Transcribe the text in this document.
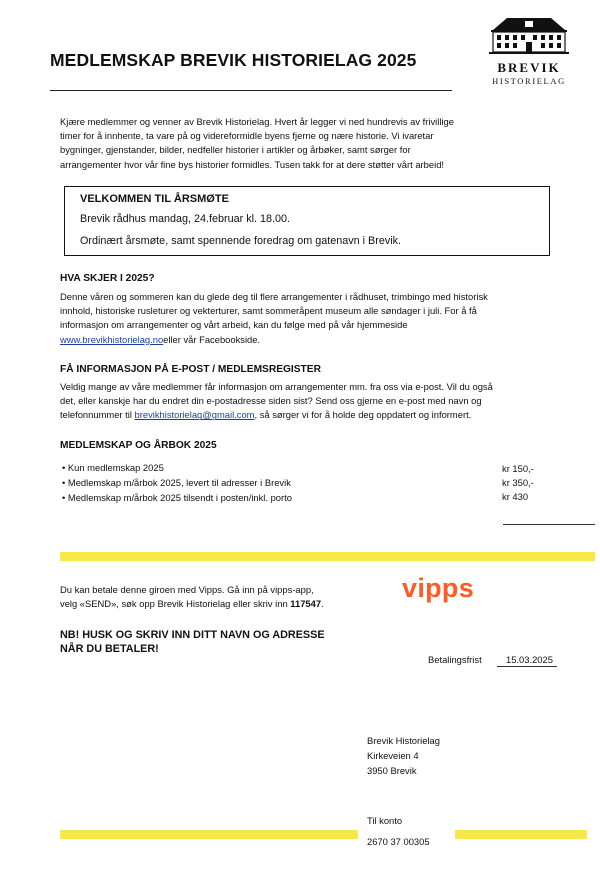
MEDLEMSKAP BREVIK HISTORIELAG 2025	BREVIK
HISTORIELAG
Kjære medlemmer og venner av Brevik Historielag. Hvert år legger vi ned hundrevis av frivillige
timer for å innhente, ta vare på og videreformidle byens fjerne og nære historie. Vi ivaretar
bygninger, gjenstander, bilder, nedfeller historier i artikler og årbøker, samt sørger for
arrangementer hvor vår fine bys historier formidles. Tusen takk for at dere støtter vårt arbeid!
VELKOMMEN TIL ÅRSMØTE
Brevik rådhus mandag, 24.februar kl. 18.00.
Ordinært årsmøte, samt spennende foredrag om gatenavn i Brevik.
HVA SKJER I 2025?
Denne våren og sommeren kan du glede deg til flere arrangementer i rådhuset, trimbingo med historisk
innhold, historiske rusleturer og vekterturer, samt sommeråpent museum alle søndager i juli. For å få
informasjon om arrangementer og vårt arbeid, kan du følge med på vår hjemmeside
www.brevikhistorielag.noeller vår Facebookside.
FÅ INFORMASJON PÅ E-POST / MEDLEMSREGISTER
Veldig mange av våre medlemmer får informasjon om arrangementer mm. fra oss via e-post. Vil du også
det, eller kanskje har du endret din e-postadresse siden sist? Send oss gjerne en e-post med navn og
telefonnummer til brevikhistorielag@gmail.com, så sørger vi for å holde deg oppdatert og informert.
MEDLEMSKAP OG ÅRBOK 2025
• Kun medlemskap 2025
• Medlemskap m/årbok 2025, levert til adresser i Brevik
• Medlemskap m/årbok 2025 tilsendt i posten/inkl. porto
kr 150,-
kr 350,-
kr 430
Du kan betale denne giroen med Vipps. Gå inn på vipps-app,
velg «SEND», søk opp Brevik Historielag eller skriv inn 117547.
vipps
NB! HUSK OG SKRIV INN DITT NAVN OG ADRESSE
NÅR DU BETALER!
Betalingsfrist	15.03.2025
Brevik Historielag
Kirkeveien 4
3950 Brevik
Til konto
2670 37 00305
